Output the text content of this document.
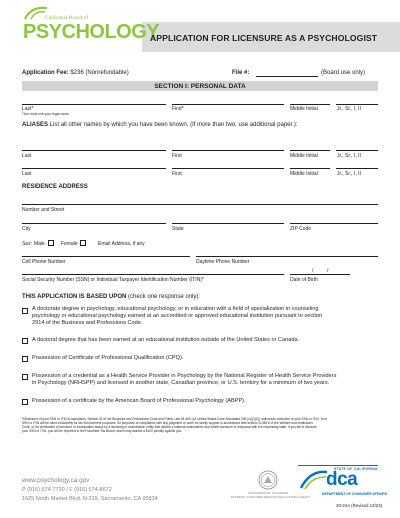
California Board of
PSYCHOLOGY
APPLICATION FOR LICENSURE AS A PSYCHOLOGIST
Application Fee: $236 (Nonrefundable)	File #:	(Board use only)
SECTION I: PERSONAL DATA
Last*	First*	Middle Initial	Jr., Sr., I, II
*You must use your legal name
ALIASES List all other names by which you have been known. (If more than two, use additional paper.):
Last	First	Middle Initial	Jr., Sr., I, II
Last	First	Middle Initial	Jr., Sr., I, II
RESIDENCE ADDRESS
Number and Street
City	State	ZIP Code
Sex: Male	Female	Email Address, if any
Cell Phone Number	Daytime Phone Number
/	/
Social Security Number (SSN) or Individual Taxpayer Identification Number (ITIN)*	Date of Birth
THIS APPLICATION IS BASED UPON (check one response only):
A doctorate degree in psychology, educational psychology, or in education with a field of specialization in counseling
psychology or educational psychology earned at an accredited or approved educational institution pursuant to section
2914 of the Business and Professions Code.
A doctoral degree that has been earned at an educational institution outside of the United States or Canada.
Possession of Certificate of Professional Qualification (CPQ).
Possession of a credential as a Health Service Provider in Psychology by the National Register of Health Service Providers
in Psychology (NRHSPP) and licensed in another state, Canadian province, or U.S. territory for a minimum of two years.
Possession of a certificate by the American Board of Professional Psychology (ABPP).
*Disclosure of your SSN or ITIN is mandatory. Section 30 of the Business and Professions Code and Public Law 94-455 (42 United States Code Annotated 405 (c)(2)(C)) authorizes collection of your SSN or ITIN. Your
SSN or ITIN will be used exclusively for tax enforcement purposes, for purposes of compliance with any judgment or order for family support in accordance with section 11350.6 of the Welfare and Institutions
Code, or for verification of licensure or examination status by a licensing or examination entity that utilizes a national examination and where licensure is reciprocal with the requesting state. If you fail to disclose
your SSN or ITIN, you will be reported to the Franchise Tax Board, which may assess a $100 penalty against you.
www.psychology.ca.gov
P (916) 574-7720 / F (916) 574-8672
1625 North Market Blvd. N-215, Sacramento, CA 95834
GAVIN NEWSOM, GOVERNOR
BUSINESS, CONSUMER SERVICES AND HOUSING AGENCY
STATE OF CALIFORNIA
dca
DEPARTMENT OF CONSUMER AFFAIRS
20-24A (Revised 12/23)
